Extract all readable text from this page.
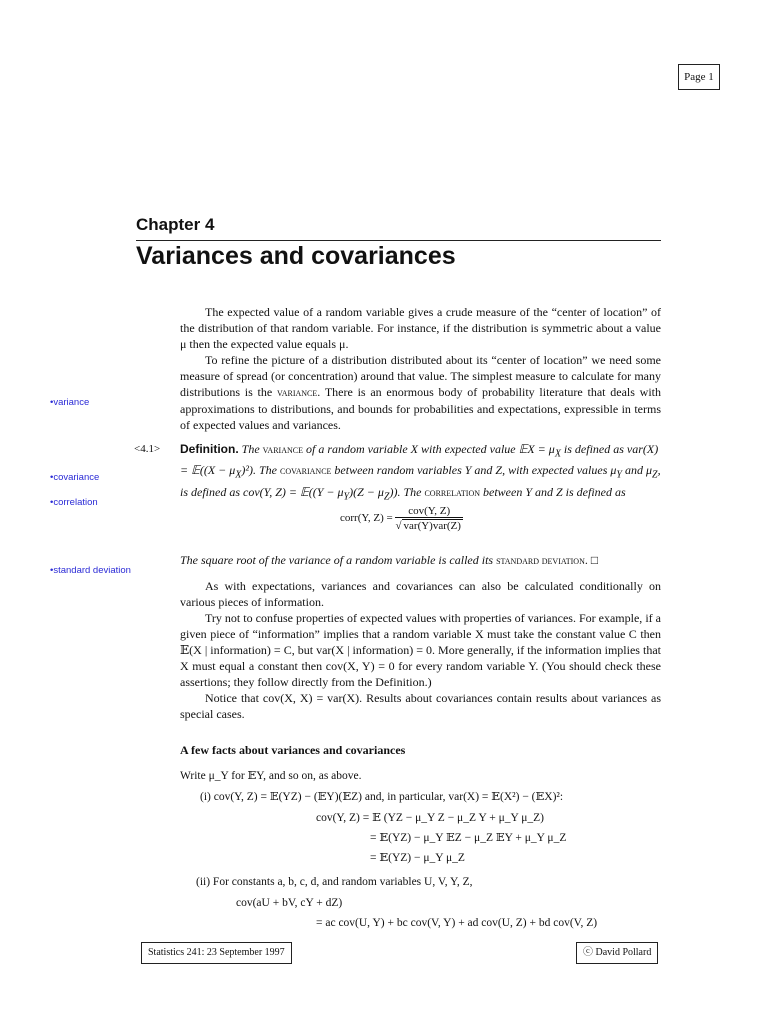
Page 1
Chapter 4
Variances and covariances

The expected value of a random variable gives a crude measure of the “center of location” of the distribution of that random variable. For instance, if the distribution is symmetric about a value μ then the expected value equals μ.

To refine the picture of a distribution distributed about its “center of location” we need some measure of spread (or concentration) around that value. The simplest measure to calculate for many distributions is the variance. There is an enormous body of probability literature that deals with approximations to distributions, and bounds for probabilities and expectations, expressible in terms of expected values and variances.

•variance
•covariance
•correlation
•standard deviation
<4.1> Definition. The variance of a random variable X with expected value 𝔼X = $\mu_X$ is defined as var(X) = 𝔼((X − $\mu_X)^2$). The covariance between random variables Y and Z, with expected values $\mu_Y$ and $\mu_Z$, is defined as cov(Y, Z) = 𝔼((Y − $\mu_Y)(Z - \mu_Z)$). The correlation between Y and Z is defined as
corr(Y, $Z) = \frac{\text{cov(Y, Z)}}{\text{√ var(Y)var(Z)}}$
The square root of the variance of a random variable is called its standard deviation. □

As with expectations, variances and covariances can also be calculated conditionally on various pieces of information.

Try not to confuse properties of expected values with properties of variances. For example, if a given piece of “information” implies that a random variable X must take the constant value C then 𝔼(X | information) = C, but var(X | information) = 0. More generally, if the information implies that X must equal a constant then cov(X, Y) = 0 for every random variable Y. (You should check these assertions; they follow directly from the Definition.)

Notice that cov(X, X) = var(X). Results about covariances contain results about variances as special cases.

A few facts about variances and covariances
Write μ_Y for 𝔼Y, and so on, as above.
(i) cov(Y, Z) = 𝔼(YZ) − (𝔼Y)(𝔼Z) and, in particular, var(X) = 𝔼(X²) − (𝔼X)²:
cov(Y, Z) = 𝔼 (YZ − μ_Y Z − μ_Z Y + μ_Y μ_Z)
= 𝔼(YZ) − μ_Y 𝔼Z − μ_Z 𝔼Y + μ_Y μ_Z
= 𝔼(YZ) − μ_Y μ_Z
(ii) For constants a, b, c, d, and random variables U, V, Y, Z,
cov(aU + bV, cY + dZ)
= ac cov(U, Y) + bc cov(V, Y) + ad cov(U, Z) + bd cov(V, Z)
Statistics 241: 23 September 1997	ⓒ David Pollard
